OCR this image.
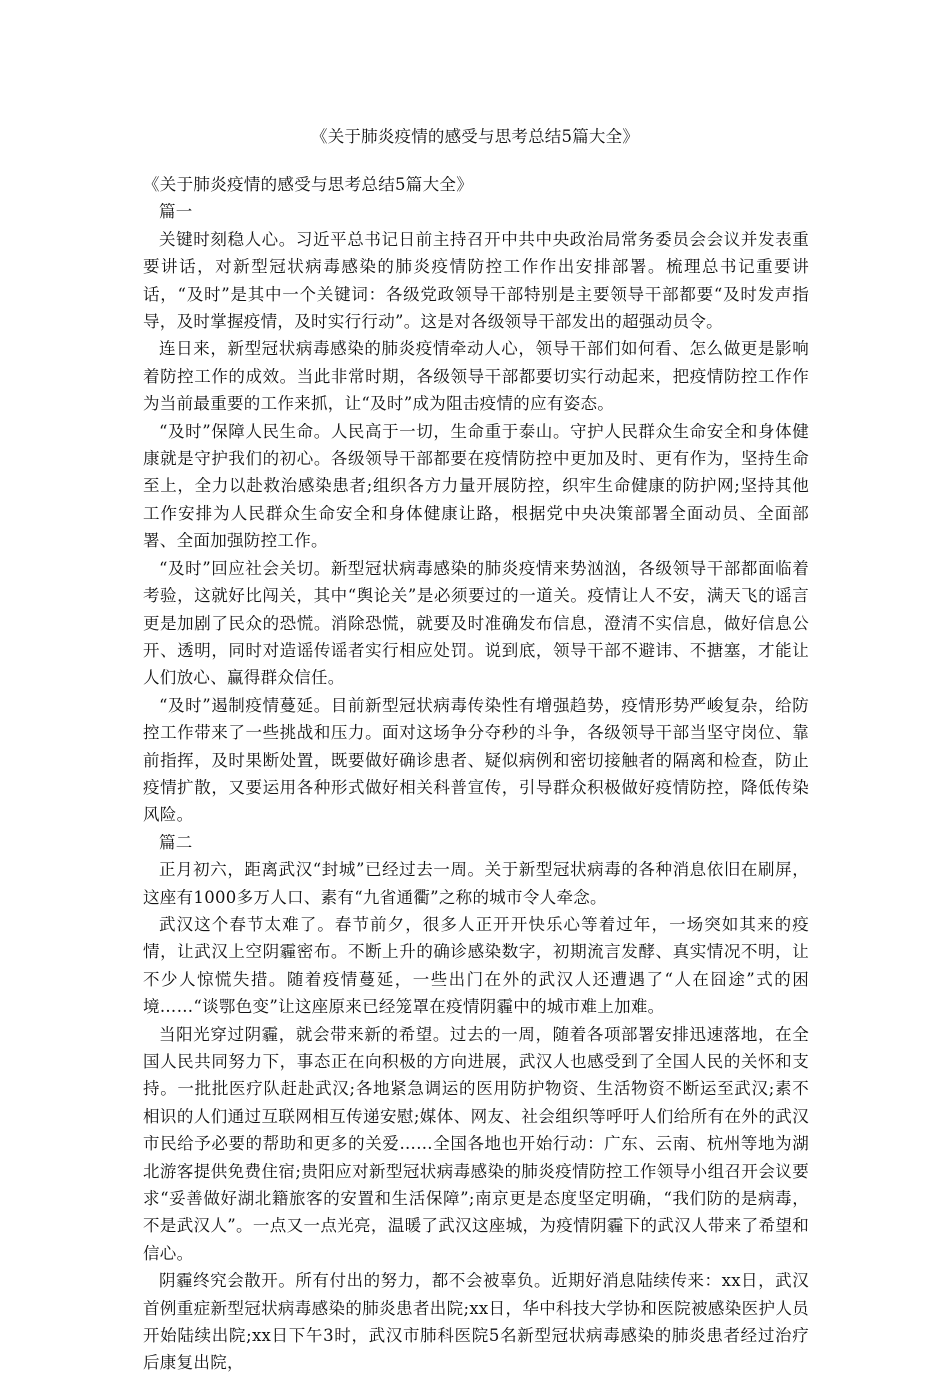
《关于肺炎疫情的感受与思考总结5篇大全》

《关于肺炎疫情的感受与思考总结5篇大全》

篇一

关键时刻稳人心。习近平总书记日前主持召开中共中央政治局常务委员会会议并发表重要讲话，对新型冠状病毒感染的肺炎疫情防控工作作出安排部署。梳理总书记重要讲话，“及时”是其中一个关键词：各级党政领导干部特别是主要领导干部都要“及时发声指导，及时掌握疫情，及时实行行动”。这是对各级领导干部发出的超强动员令。

连日来，新型冠状病毒感染的肺炎疫情牵动人心，领导干部们如何看、怎么做更是影响着防控工作的成效。当此非常时期，各级领导干部都要切实行动起来，把疫情防控工作作为当前最重要的工作来抓，让“及时”成为阻击疫情的应有姿态。

“及时”保障人民生命。人民高于一切，生命重于泰山。守护人民群众生命安全和身体健康就是守护我们的初心。各级领导干部都要在疫情防控中更加及时、更有作为，坚持生命至上，全力以赴救治感染患者;组织各方力量开展防控，织牢生命健康的防护网;坚持其他工作安排为人民群众生命安全和身体健康让路，根据党中央决策部署全面动员、全面部署、全面加强防控工作。

“及时”回应社会关切。新型冠状病毒感染的肺炎疫情来势汹汹，各级领导干部都面临着考验，这就好比闯关，其中“舆论关”是必须要过的一道关。疫情让人不安，满天飞的谣言更是加剧了民众的恐慌。消除恐慌，就要及时准确发布信息，澄清不实信息，做好信息公开、透明，同时对造谣传谣者实行相应处罚。说到底，领导干部不避讳、不搪塞，才能让人们放心、赢得群众信任。

“及时”遏制疫情蔓延。目前新型冠状病毒传染性有增强趋势，疫情形势严峻复杂，给防控工作带来了一些挑战和压力。面对这场争分夺秒的斗争，各级领导干部当坚守岗位、靠前指挥，及时果断处置，既要做好确诊患者、疑似病例和密切接触者的隔离和检查，防止疫情扩散，又要运用各种形式做好相关科普宣传，引导群众积极做好疫情防控，降低传染风险。

篇二

正月初六，距离武汉“封城”已经过去一周。关于新型冠状病毒的各种消息依旧在刷屏，这座有1000多万人口、素有“九省通衢”之称的城市令人牵念。

武汉这个春节太难了。春节前夕，很多人正开开快乐心等着过年，一场突如其来的疫情，让武汉上空阴霾密布。不断上升的确诊感染数字，初期流言发酵、真实情况不明，让不少人惊慌失措。随着疫情蔓延，一些出门在外的武汉人还遭遇了“人在囧途”式的困境……“谈鄂色变”让这座原来已经笼罩在疫情阴霾中的城市难上加难。

当阳光穿过阴霾，就会带来新的希望。过去的一周，随着各项部署安排迅速落地，在全国人民共同努力下，事态正在向积极的方向进展，武汉人也感受到了全国人民的关怀和支持。一批批医疗队赶赴武汉;各地紧急调运的医用防护物资、生活物资不断运至武汉;素不相识的人们通过互联网相互传递安慰;媒体、网友、社会组织等呼吁人们给所有在外的武汉市民给予必要的帮助和更多的关爱……全国各地也开始行动：广东、云南、杭州等地为湖北游客提供免费住宿;贵阳应对新型冠状病毒感染的肺炎疫情防控工作领导小组召开会议要求“妥善做好湖北籍旅客的安置和生活保障”;南京更是态度坚定明确，“我们防的是病毒，不是武汉人”。一点又一点光亮，温暖了武汉这座城，为疫情阴霾下的武汉人带来了希望和信心。

阴霾终究会散开。所有付出的努力，都不会被辜负。近期好消息陆续传来：xx日，武汉首例重症新型冠状病毒感染的肺炎患者出院;xx日，华中科技大学协和医院被感染医护人员开始陆续出院;xx日下午3时，武汉市肺科医院5名新型冠状病毒感染的肺炎患者经过治疗后康复出院，
